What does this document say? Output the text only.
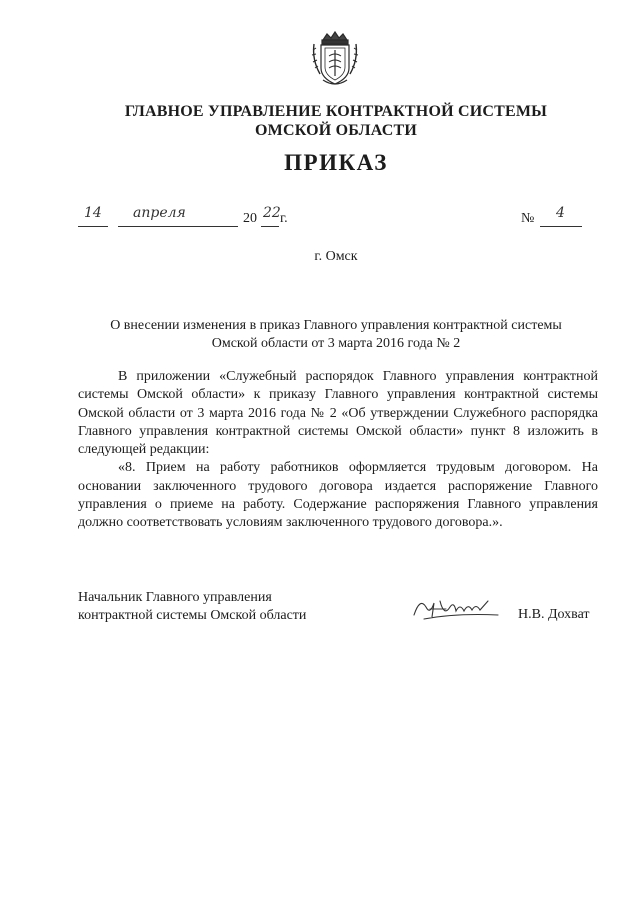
ГЛАВНОЕ УПРАВЛЕНИЕ КОНТРАКТНОЙ СИСТЕМЫ
ОМСКОЙ ОБЛАСТИ
ПРИКАЗ
14 апреля	20 22 г.	№ 4
г. Омск
О внесении изменения в приказ Главного управления контрактной системы
Омской области от 3 марта 2016 года № 2

В приложении «Служебный распорядок Главного управления контрактной системы Омской области» к приказу Главного управления контрактной системы Омской области от 3 марта 2016 года № 2 «Об утверждении Служебного распорядка Главного управления контрактной системы Омской области» пункт 8 изложить в следующей редакции:

«8. Прием на работу работников оформляется трудовым договором. На основании заключенного трудового договора издается распоряжение Главного управления о приеме на работу. Содержание распоряжения Главного управления должно соответствовать условиям заключенного трудового договора.».

Начальник Главного управления
контрактной системы Омской области	Н.В. Дохват
